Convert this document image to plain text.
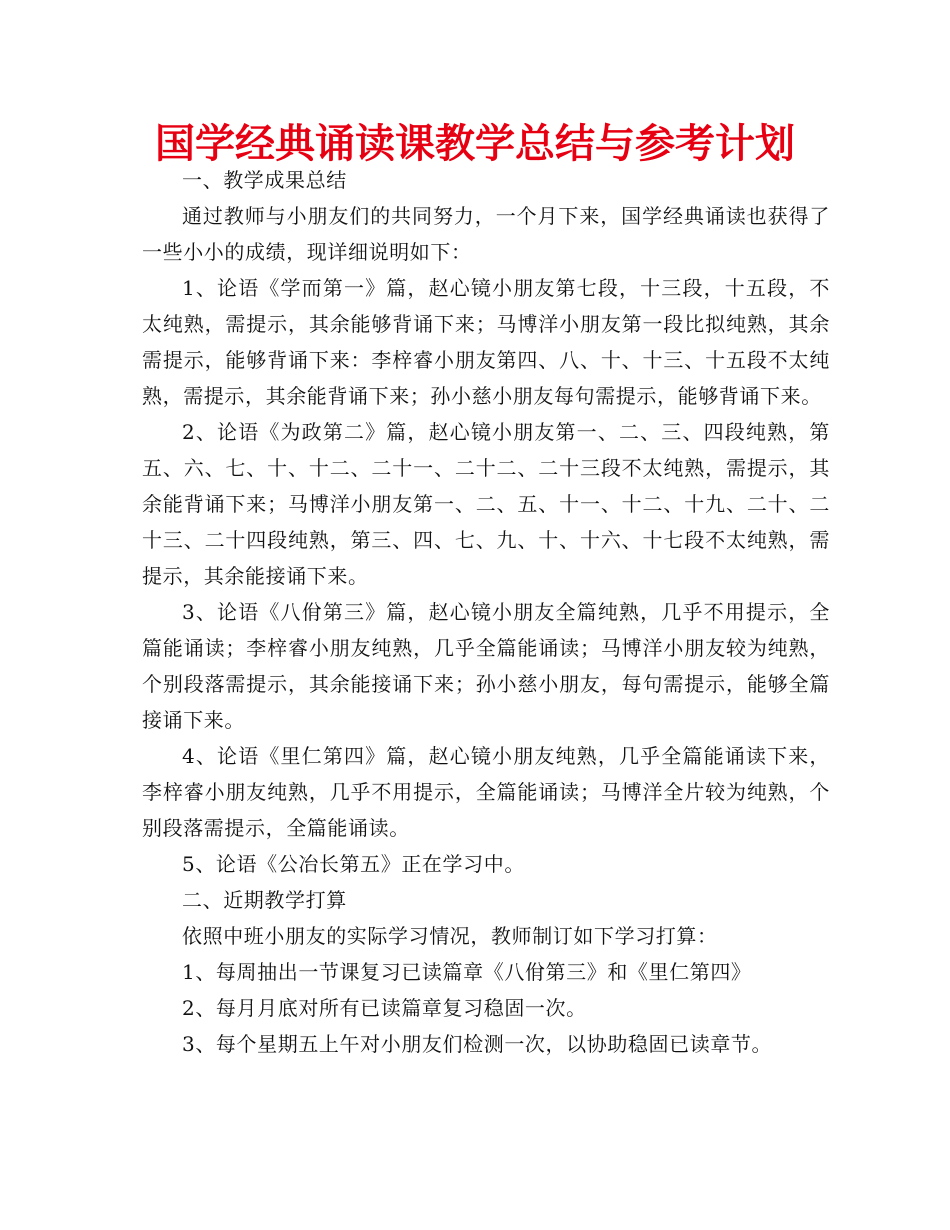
国学经典诵读课教学总结与参考计划

一、教学成果总结

通过教师与小朋友们的共同努力，一个月下来，国学经典诵读也获得了一些小小的成绩，现详细说明如下：

1、论语《学而第一》篇，赵心镜小朋友第七段，十三段，十五段，不太纯熟，需提示，其余能够背诵下来；马博洋小朋友第一段比拟纯熟，其余需提示，能够背诵下来：李梓睿小朋友第四、八、十、十三、十五段不太纯熟，需提示，其余能背诵下来；孙小慈小朋友每句需提示，能够背诵下来。

2、论语《为政第二》篇，赵心镜小朋友第一、二、三、四段纯熟，第五、六、七、十、十二、二十一、二十二、二十三段不太纯熟，需提示，其余能背诵下来；马博洋小朋友第一、二、五、十一、十二、十九、二十、二十三、二十四段纯熟，第三、四、七、九、十、十六、十七段不太纯熟，需提示，其余能接诵下来。

3、论语《八佾第三》篇，赵心镜小朋友全篇纯熟，几乎不用提示，全篇能诵读；李梓睿小朋友纯熟，几乎全篇能诵读；马博洋小朋友较为纯熟，个别段落需提示，其余能接诵下来；孙小慈小朋友，每句需提示，能够全篇接诵下来。

4、论语《里仁第四》篇，赵心镜小朋友纯熟，几乎全篇能诵读下来，李梓睿小朋友纯熟，几乎不用提示，全篇能诵读；马博洋全片较为纯熟，个别段落需提示，全篇能诵读。

5、论语《公冶长第五》正在学习中。

二、近期教学打算

依照中班小朋友的实际学习情况，教师制订如下学习打算：

1、每周抽出一节课复习已读篇章《八佾第三》和《里仁第四》

2、每月月底对所有已读篇章复习稳固一次。

3、每个星期五上午对小朋友们检测一次，以协助稳固已读章节。
